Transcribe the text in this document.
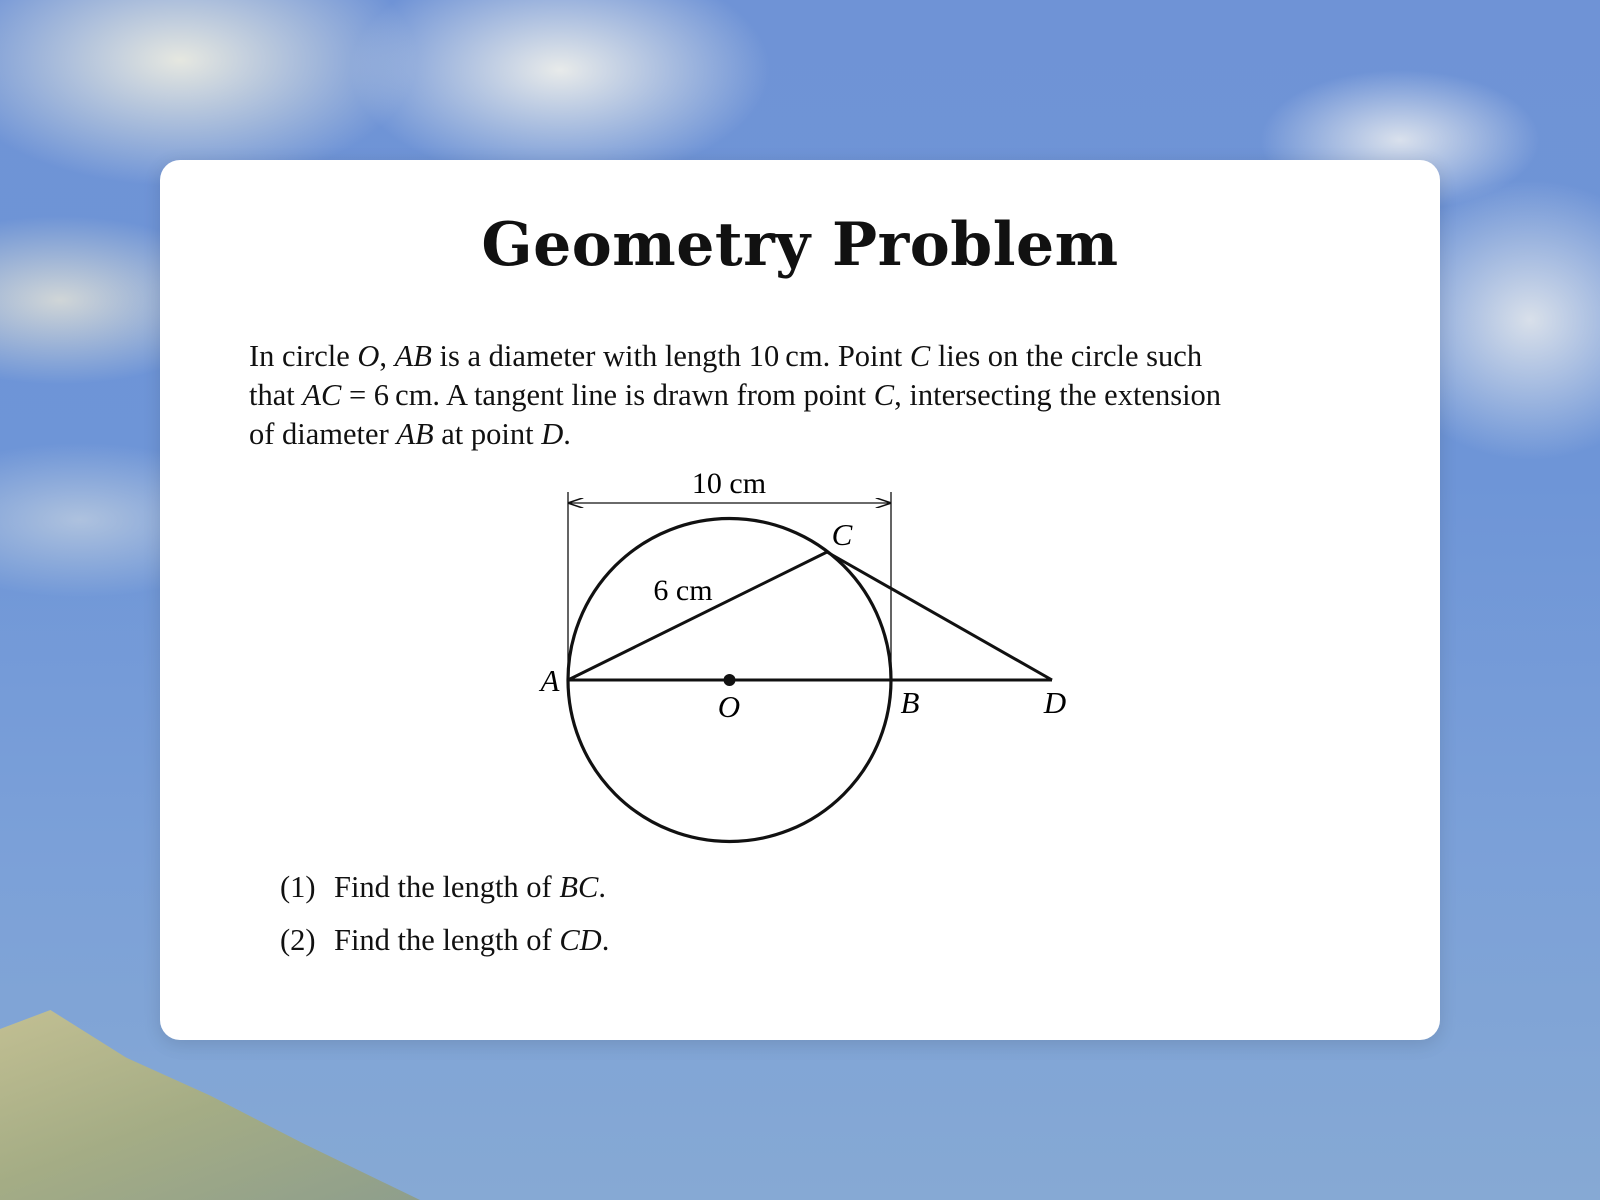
Geometry Problem

In circle O, AB is a diameter with length 10 cm. Point C lies on the circle such

that AC = 6 cm. A tangent line is drawn from point C, intersecting the extension

of diameter AB at point D.

10 cm
6 cm
A
O	B
C
D
(1) Find the length of BC.
(2) Find the length of CD.
